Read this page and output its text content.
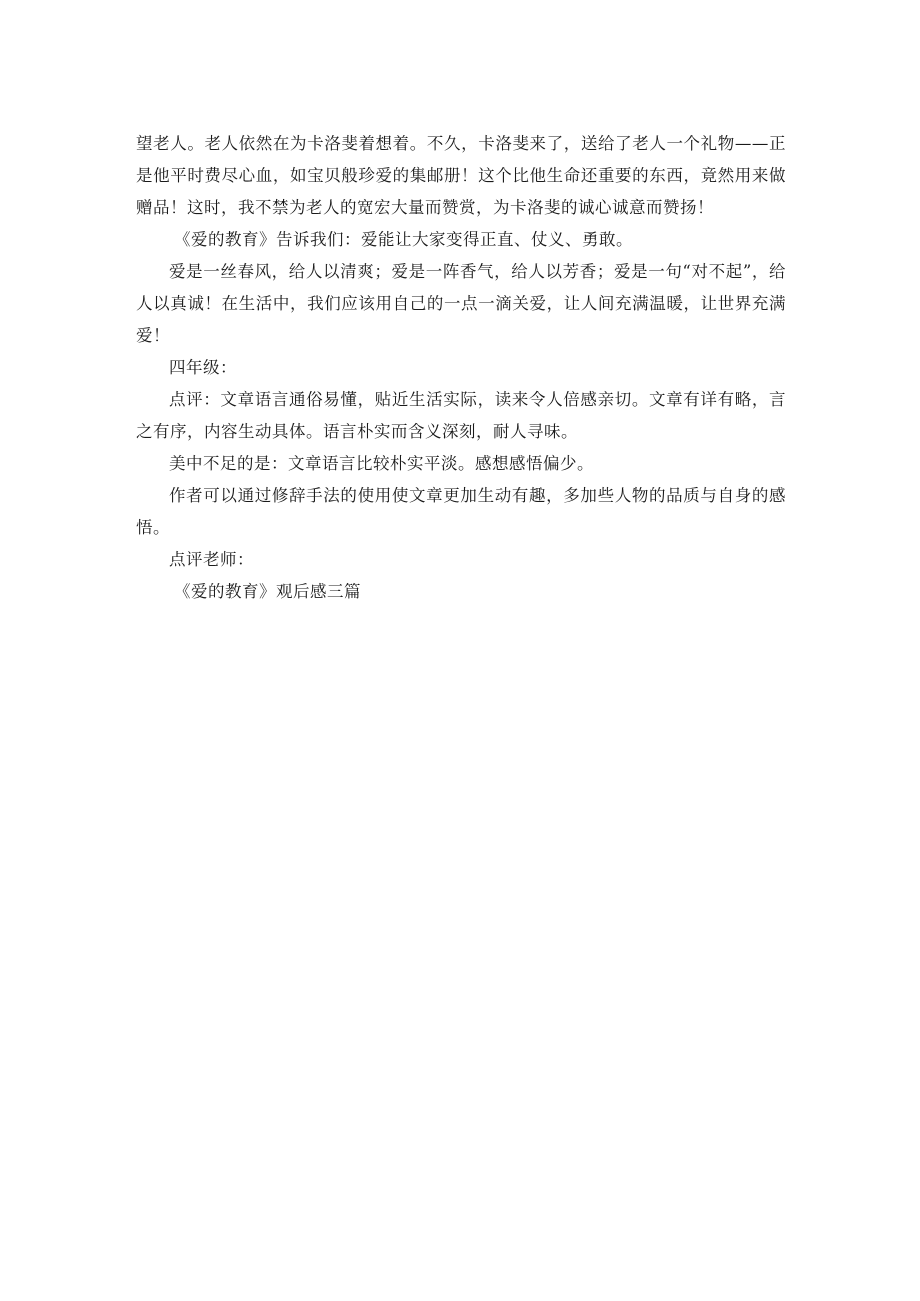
望老人。老人依然在为卡洛斐着想着。不久，卡洛斐来了，送给了老人一个礼物——正是他平时费尽心血，如宝贝般珍爱的集邮册！这个比他生命还重要的东西，竟然用来做赠品！这时，我不禁为老人的宽宏大量而赞赏，为卡洛斐的诚心诚意而赞扬！

《爱的教育》告诉我们：爱能让大家变得正直、仗义、勇敢。

爱是一丝春风，给人以清爽；爱是一阵香气，给人以芳香；爱是一句“对不起”，给人以真诚！在生活中，我们应该用自己的一点一滴关爱，让人间充满温暖，让世界充满爱！

四年级：

点评：文章语言通俗易懂，贴近生活实际，读来令人倍感亲切。文章有详有略，言之有序，内容生动具体。语言朴实而含义深刻，耐人寻味。

美中不足的是：文章语言比较朴实平淡。感想感悟偏少。

作者可以通过修辞手法的使用使文章更加生动有趣，多加些人物的品质与自身的感悟。

点评老师：

《爱的教育》观后感三篇
